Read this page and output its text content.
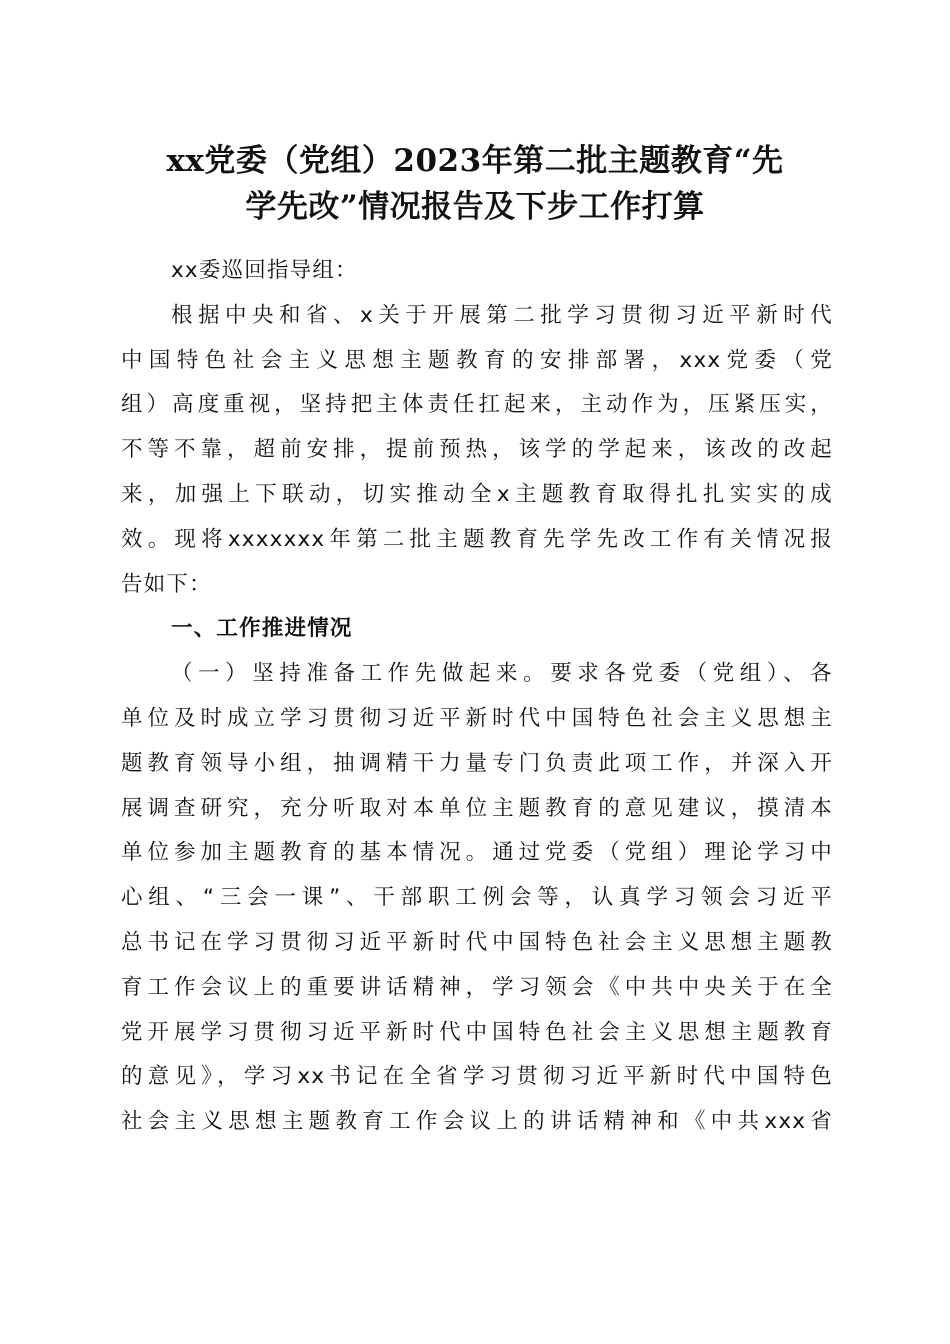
xx党委（党组）2023年第二批主题教育“先
学先改”情况报告及下步工作打算
xx委巡回指导组：
根据中央和省、x关于开展第二批学习贯彻习近平新时代
中国特色社会主义思想主题教育的安排部署，xxx党委（党
组）高度重视，坚持把主体责任扛起来，主动作为，压紧压实，
不等不靠，超前安排，提前预热，该学的学起来，该改的改起
来，加强上下联动，切实推动全x主题教育取得扎扎实实的成
效。现将xxxxxxx年第二批主题教育先学先改工作有关情况报
告如下：
一、工作推进情况
（一）坚持准备工作先做起来。要求各党委（党组）、各
单位及时成立学习贯彻习近平新时代中国特色社会主义思想主
题教育领导小组，抽调精干力量专门负责此项工作，并深入开
展调查研究，充分听取对本单位主题教育的意见建议，摸清本
单位参加主题教育的基本情况。通过党委（党组）理论学习中
心组、“三会一课”、干部职工例会等，认真学习领会习近平
总书记在学习贯彻习近平新时代中国特色社会主义思想主题教
育工作会议上的重要讲话精神，学习领会《中共中央关于在全
党开展学习贯彻习近平新时代中国特色社会主义思想主题教育
的意见》，学习xx书记在全省学习贯彻习近平新时代中国特色
社会主义思想主题教育工作会议上的讲话精神和《中共xxx省
